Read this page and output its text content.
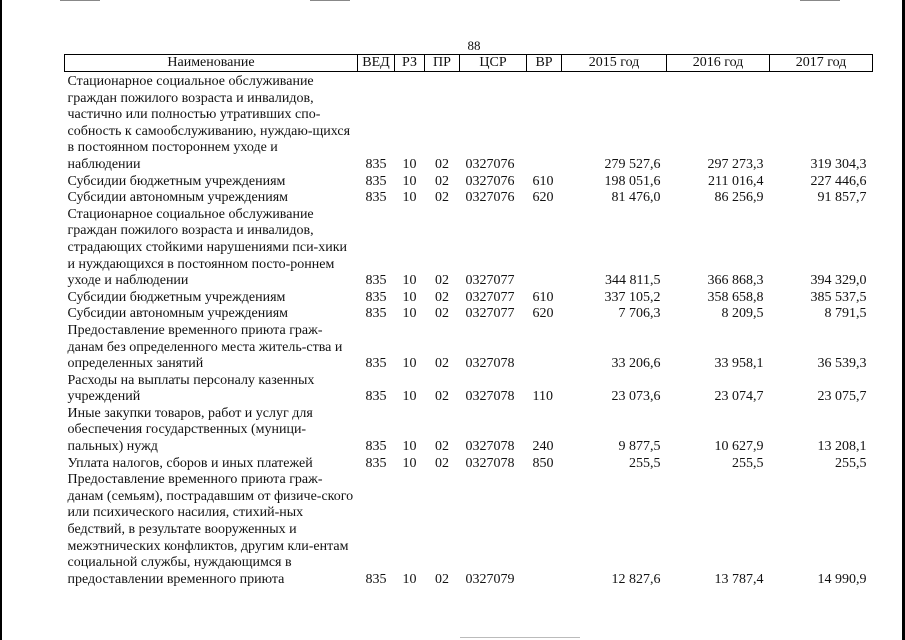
88
Наименование	ВЕД	РЗ	ПР	ЦСР	ВР	2015 год	2016 год	2017 год
Стационарное социальное обслуживание граждан пожилого возраста и инвалидов, частично или полностью утративших спо-собность к самообслуживанию, нуждаю-щихся в постоянном постороннем уходе и наблюдении	835	10	02	0327076		279 527,6	297 273,3	319 304,3
Субсидии бюджетным учреждениям	835	10	02	0327076	610	198 051,6	211 016,4	227 446,6
Субсидии автономным учреждениям	835	10	02	0327076	620	81 476,0	86 256,9	91 857,7
Стационарное социальное обслуживание граждан пожилого возраста и инвалидов, страдающих стойкими нарушениями пси-хики и нуждающихся в постоянном посто-роннем уходе и наблюдении	835	10	02	0327077		344 811,5	366 868,3	394 329,0
Субсидии бюджетным учреждениям	835	10	02	0327077	610	337 105,2	358 658,8	385 537,5
Субсидии автономным учреждениям	835	10	02	0327077	620	7 706,3	8 209,5	8 791,5
Предоставление временного приюта граж-данам без определенного места житель-ства и определенных занятий	835	10	02	0327078		33 206,6	33 958,1	36 539,3
Расходы на выплаты персоналу казенных учреждений	835	10	02	0327078	110	23 073,6	23 074,7	23 075,7
Иные закупки товаров, работ и услуг для обеспечения государственных (муници-пальных) нужд	835	10	02	0327078	240	9 877,5	10 627,9	13 208,1
Уплата налогов, сборов и иных платежей	835	10	02	0327078	850	255,5	255,5	255,5
Предоставление временного приюта граж-данам (семьям), пострадавшим от физиче-ского или психического насилия, стихий-ных бедствий, в результате вооруженных и межэтнических конфликтов, другим кли-ентам социальной службы, нуждающимся в предоставлении временного приюта	835	10	02	0327079		12 827,6	13 787,4	14 990,9
